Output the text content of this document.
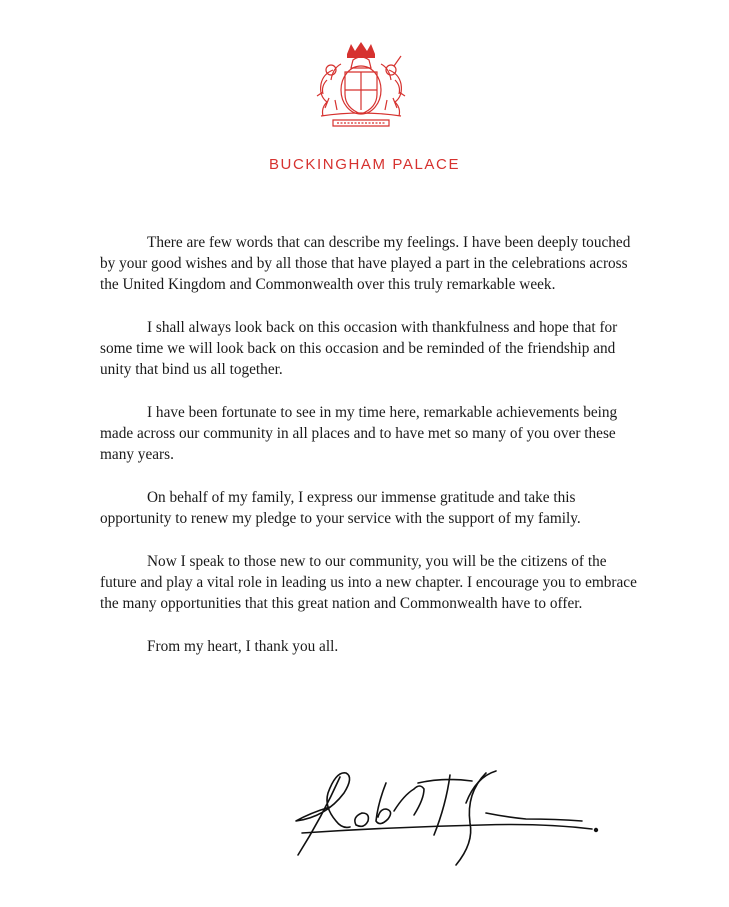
BUCKINGHAM PALACE

There are few words that can describe my feelings. I have been deeply touched by your good wishes and by all those that have played a part in the celebrations across the United Kingdom and Commonwealth over this truly remarkable week.

I shall always look back on this occasion with thankfulness and hope that for some time we will look back on this occasion and be reminded of the friendship and unity that bind us all together.

I have been fortunate to see in my time here, remarkable achievements being made across our community in all places and to have met so many of you over these many years.

On behalf of my family, I express our immense gratitude and take this opportunity to renew my pledge to your service with the support of my family.

Now I speak to those new to our community, you will be the citizens of the future and play a vital role in leading us into a new chapter. I encourage you to embrace the many opportunities that this great nation and Commonwealth have to offer.

From my heart, I thank you all.
